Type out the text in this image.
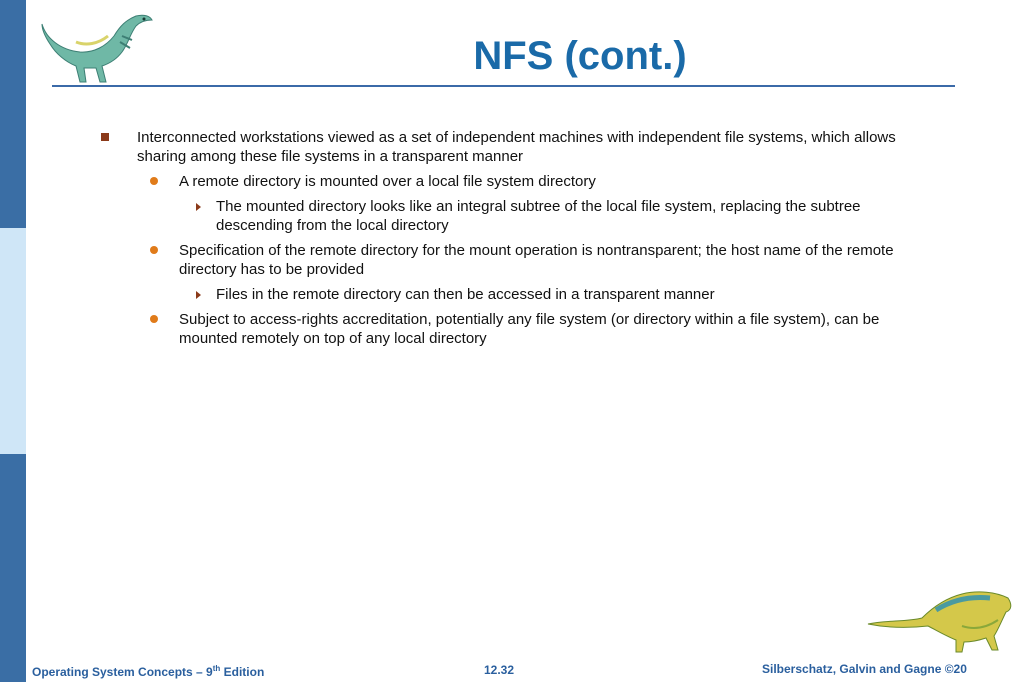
NFS (cont.)
Interconnected workstations viewed as a set of independent machines with independent file systems, which allows sharing among these file systems in a transparent manner
A remote directory is mounted over a local file system directory
The mounted directory looks like an integral subtree of the local file system, replacing the subtree descending from the local directory
Specification of the remote directory for the mount operation is nontransparent; the host name of the remote directory has to be provided
Files in the remote directory can then be accessed in a transparent manner
Subject to access-rights accreditation, potentially any file system (or directory within a file system), can be mounted remotely on top of any local directory
Operating System Concepts – 9th Edition	12.32	Silberschatz, Galvin and Gagne ©20
